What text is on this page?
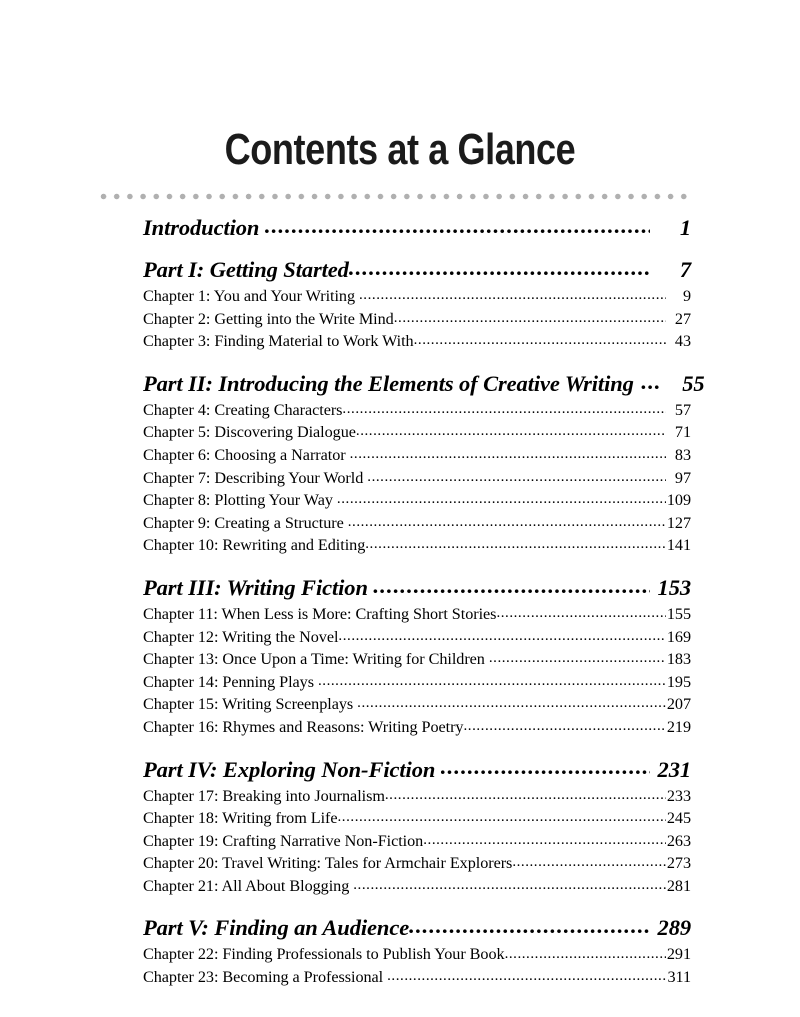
Contents at a Glance
Introduction .....	1
Part I: Getting Started .....	7
Chapter 1: You and Your Writing .....	9
Chapter 2: Getting into the Write Mind .....	27
Chapter 3: Finding Material to Work With .....	43
Part II: Introducing the Elements of Creative Writing ...	55
Chapter 4: Creating Characters .....	57
Chapter 5: Discovering Dialogue .....	71
Chapter 6: Choosing a Narrator .....	83
Chapter 7: Describing Your World .....	97
Chapter 8: Plotting Your Way .....	109
Chapter 9: Creating a Structure .....	127
Chapter 10: Rewriting and Editing .....	141
Part III: Writing Fiction .....	153
Chapter 11: When Less is More: Crafting Short Stories .....	155
Chapter 12: Writing the Novel .....	169
Chapter 13: Once Upon a Time: Writing for Children .....	183
Chapter 14: Penning Plays .....	195
Chapter 15: Writing Screenplays .....	207
Chapter 16: Rhymes and Reasons: Writing Poetry .....	219
Part IV: Exploring Non-Fiction .....	231
Chapter 17: Breaking into Journalism .....	233
Chapter 18: Writing from Life .....	245
Chapter 19: Crafting Narrative Non-Fiction .....	263
Chapter 20: Travel Writing: Tales for Armchair Explorers .....	273
Chapter 21: All About Blogging .....	281
Part V: Finding an Audience .....	289
Chapter 22: Finding Professionals to Publish Your Book .....	291
Chapter 23: Becoming a Professional .....	311
